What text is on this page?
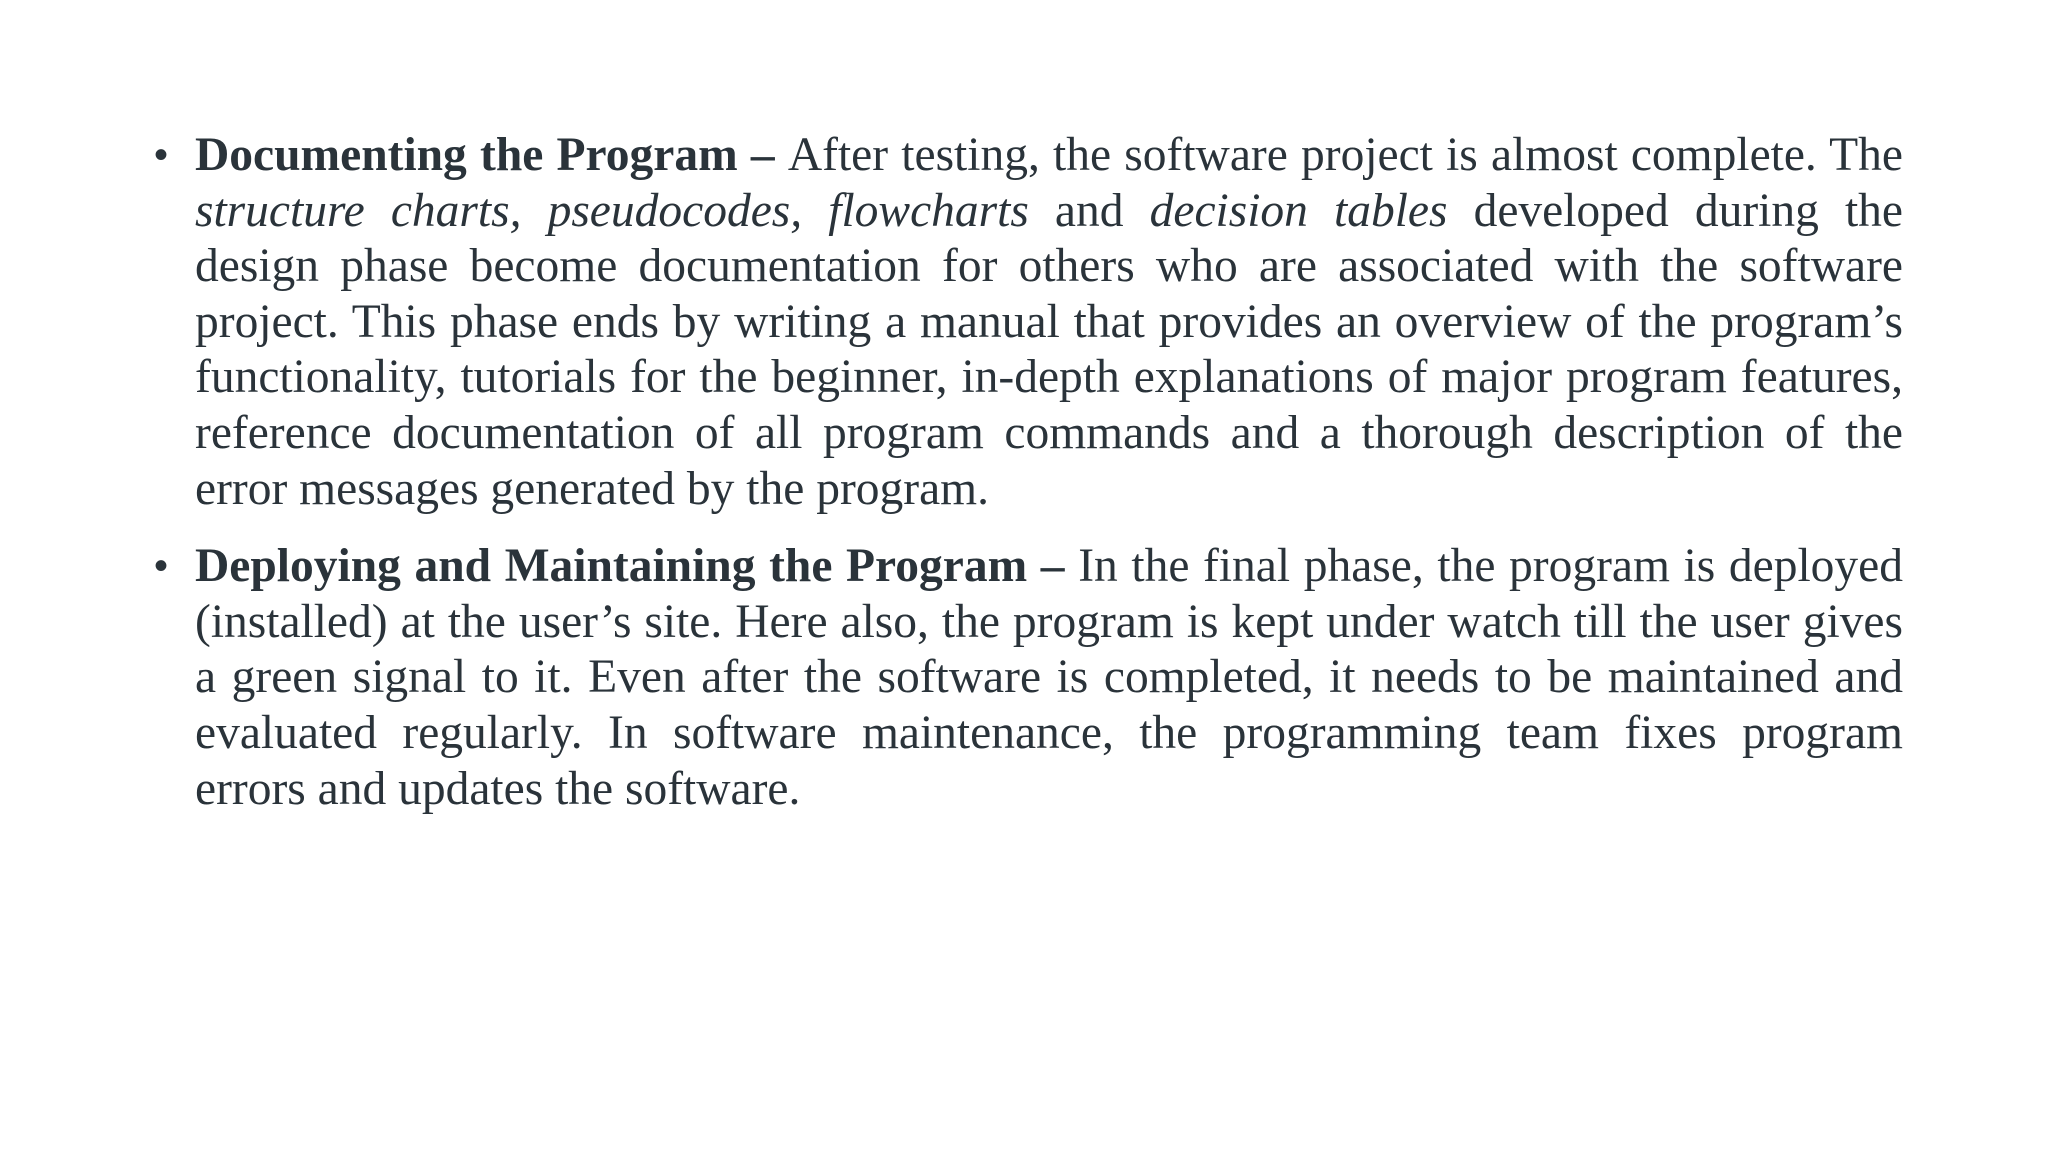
• Documenting the Program – After testing, the software project is almost complete. The structure charts, pseudocodes, flowcharts and decision tables developed during the design phase become documentation for others who are associated with the software project. This phase ends by writing a manual that provides an overview of the program’s functionality, tutorials for the beginner, in-depth explanations of major program features, reference documentation of all program commands and a thorough description of the error messages generated by the program.
• Deploying and Maintaining the Program – In the final phase, the program is deployed (installed) at the user’s site. Here also, the program is kept under watch till the user gives a green signal to it. Even after the software is completed, it needs to be maintained and evaluated regularly. In software maintenance, the programming team fixes program errors and updates the software.
